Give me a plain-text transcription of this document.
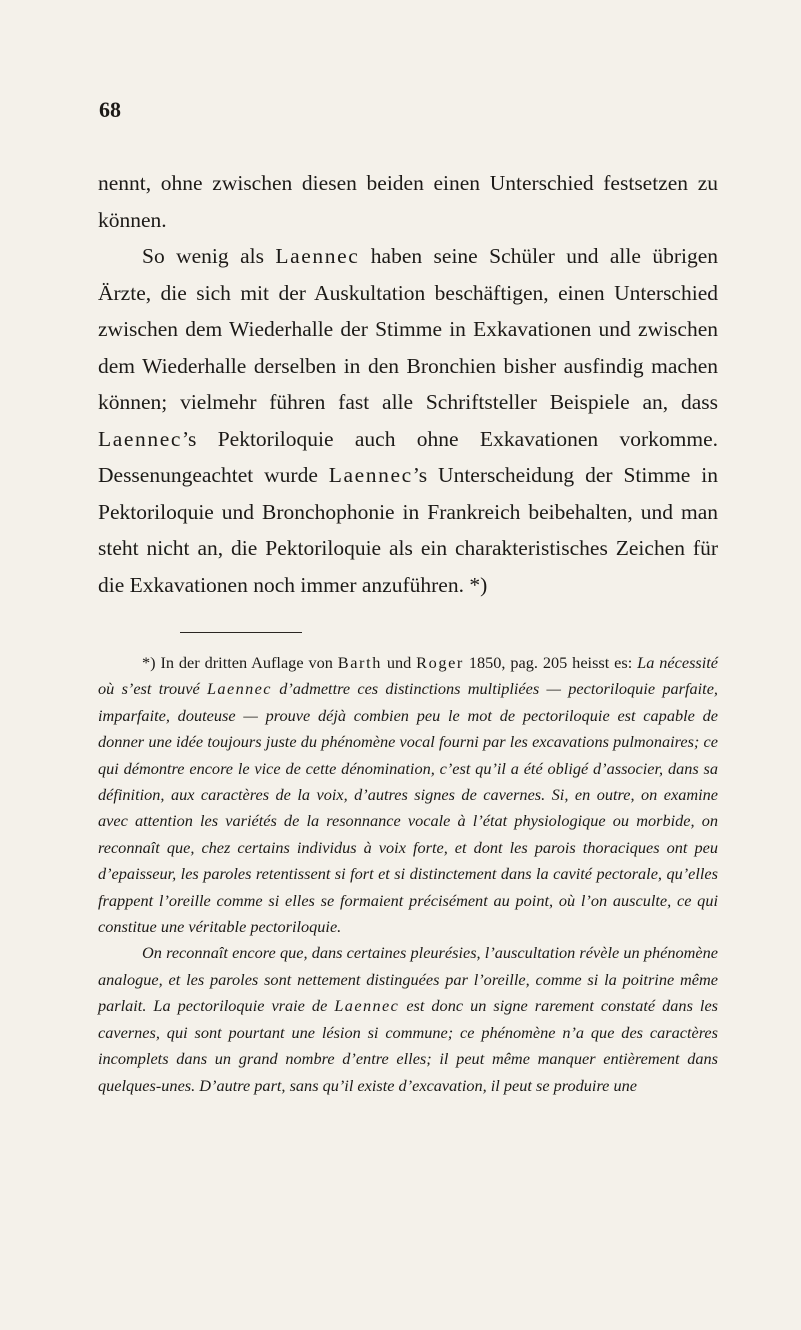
68

nennt, ohne zwischen diesen beiden einen Unterschied festsetzen zu können.

So wenig als Laennec haben seine Schüler und alle übrigen Ärzte, die sich mit der Auskultation beschäftigen, einen Unterschied zwischen dem Wiederhalle der Stimme in Exkavationen und zwischen dem Wiederhalle derselben in den Bronchien bisher ausfindig machen können; vielmehr führen fast alle Schriftsteller Beispiele an, dass Laennec’s Pektoriloquie auch ohne Exkavationen vorkomme. Dessenungeachtet wurde Laennec’s Unterscheidung der Stimme in Pektoriloquie und Bronchophonie in Frankreich beibehalten, und man steht nicht an, die Pektoriloquie als ein charakteristisches Zeichen für die Exkavationen noch immer anzuführen. *)

*) In der dritten Auflage von Barth und Roger 1850, pag. 205 heisst es: La nécessité où s’est trouvé Laennec d’admettre ces distinctions multipliées — pectoriloquie parfaite, imparfaite, douteuse — prouve déjà combien peu le mot de pectoriloquie est capable de donner une idée toujours juste du phénomène vocal fourni par les excavations pulmonaires; ce qui démontre encore le vice de cette dénomination, c’est qu’il a été obligé d’associer, dans sa définition, aux caractères de la voix, d’autres signes de cavernes. Si, en outre, on examine avec attention les variétés de la resonnance vocale à l’état physiologique ou morbide, on reconnaît que, chez certains individus à voix forte, et dont les parois thoraciques ont peu d’epaisseur, les paroles retentissent si fort et si distinctement dans la cavité pectorale, qu’elles frappent l’oreille comme si elles se formaient précisément au point, où l’on ausculte, ce qui constitue une véritable pectoriloquie.

On reconnaît encore que, dans certaines pleurésies, l’auscultation révèle un phénomène analogue, et les paroles sont nettement distinguées par l’oreille, comme si la poitrine même parlait. La pectoriloquie vraie de Laennec est donc un signe rarement constaté dans les cavernes, qui sont pourtant une lésion si commune; ce phénomène n’a que des caractères incomplets dans un grand nombre d’entre elles; il peut même manquer entièrement dans quelques-unes. D’autre part, sans qu’il existe d’excavation, il peut se produire une
